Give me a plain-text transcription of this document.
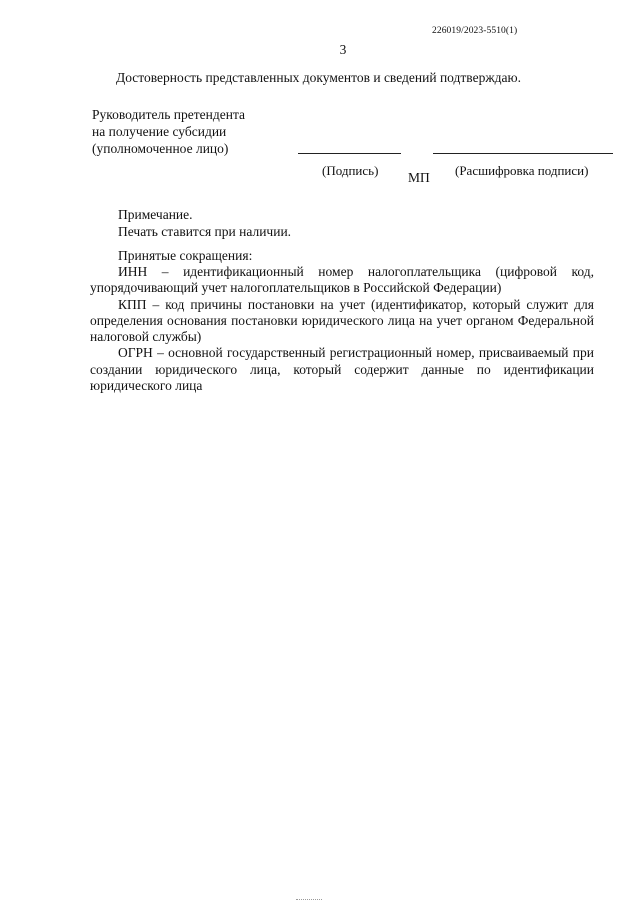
226019/2023-5510(1)
3
Достоверность представленных документов и сведений подтверждаю.
Руководитель претендента
на получение субсидии
(уполномоченное лицо)
(Подпись) МП (Расшифровка подписи)
Примечание.
Печать ставится при наличии.
Принятые сокращения:

ИНН – идентификационный номер налогоплательщика (цифровой код, упорядочивающий учет налогоплательщиков в Российской Федерации)

КПП – код причины постановки на учет (идентификатор, который служит для определения основания постановки юридического лица на учет органом Федеральной налоговой службы)

ОГРН – основной государственный регистрационный номер, присваиваемый при создании юридического лица, который содержит данные по идентификации юридического лица
